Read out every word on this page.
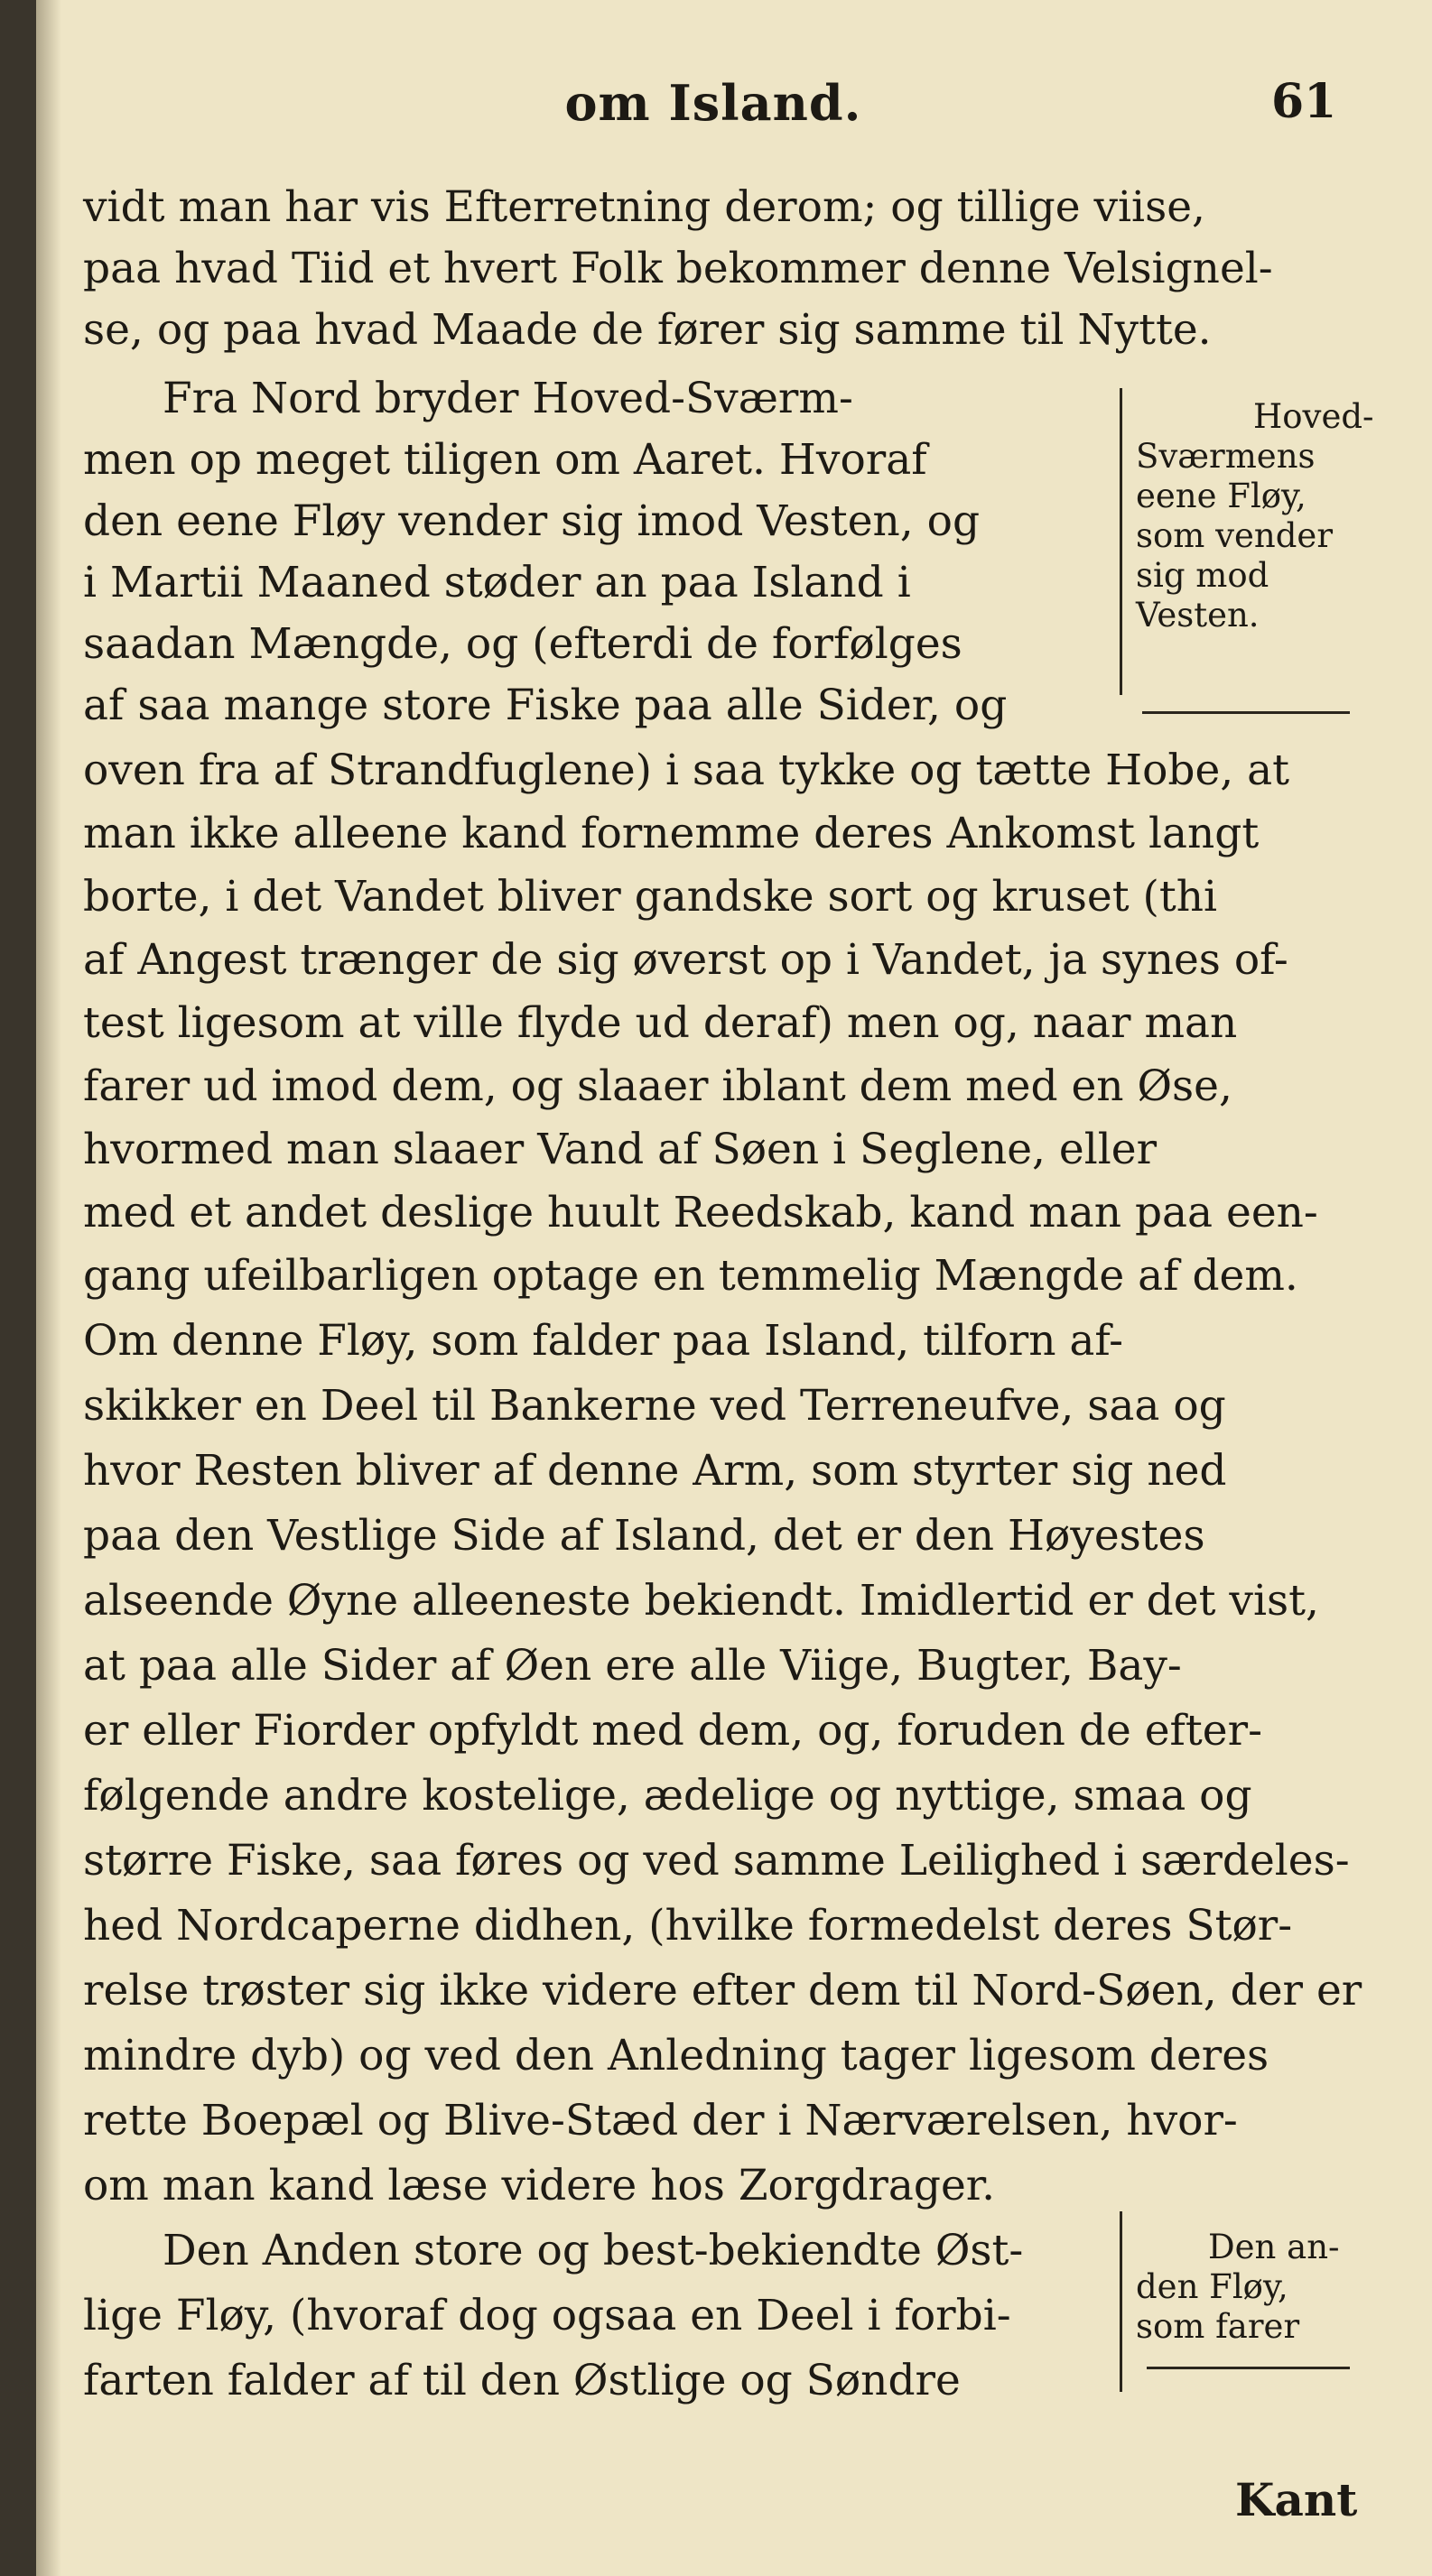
om Island.	61
vidt man har vis Efterretning derom; og tillige viise,
paa hvad Tiid et hvert Folk bekommer denne Velsignel-
se, og paa hvad Maade de fører sig samme til Nytte.
Fra Nord bryder Hoved-Sværm-
men op meget tiligen om Aaret. Hvoraf
den eene Fløy vender sig imod Vesten, og
i Martii Maaned støder an paa Island i
saadan Mængde, og (efterdi de forfølges
af saa mange store Fiske paa alle Sider, og
oven fra af Strandfuglene) i saa tykke og tætte Hobe, at
man ikke alleene kand fornemme deres Ankomst langt
borte, i det Vandet bliver gandske sort og kruset (thi
af Angest trænger de sig øverst op i Vandet, ja synes of-
test ligesom at ville flyde ud deraf) men og, naar man
farer ud imod dem, og slaaer iblant dem med en Øse,
hvormed man slaaer Vand af Søen i Seglene, eller
med et andet deslige huult Reedskab, kand man paa een-
gang ufeilbarligen optage en temmelig Mængde af dem.
Om denne Fløy, som falder paa Island, tilforn af-
skikker en Deel til Bankerne ved Terreneufve, saa og
hvor Resten bliver af denne Arm, som styrter sig ned
paa den Vestlige Side af Island, det er den Høyestes
alseende Øyne alleeneste bekiendt. Imidlertid er det vist,
at paa alle Sider af Øen ere alle Viige, Bugter, Bay-
er eller Fiorder opfyldt med dem, og, foruden de efter-
følgende andre kostelige, ædelige og nyttige, smaa og
større Fiske, saa føres og ved samme Leilighed i særdeles-
hed Nordcaperne didhen, (hvilke formedelst deres Stør-
relse trøster sig ikke videre efter dem til Nord-Søen, der er
mindre dyb) og ved den Anledning tager ligesom deres
rette Boepæl og Blive-Stæd der i Nærværelsen, hvor-
om man kand læse videre hos Zorgdrager.
Den Anden store og best-bekiendte Øst-
lige Fløy, (hvoraf dog ogsaa en Deel i forbi-
farten falder af til den Østlige og Søndre
Hoved-
Sværmens
eene Fløy,
som vender
sig mod
Vesten.
Den an-
den Fløy,
som farer
Kant
